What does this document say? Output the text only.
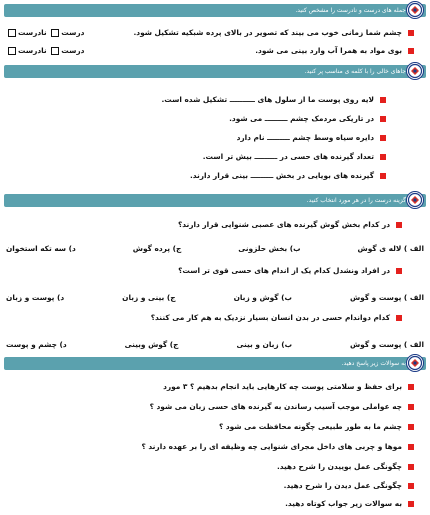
جمله های درست و نادرست را مشخص کنید.
چشم شما زمانی خوب می بیند که تصویر در بالای پرده شبکیه تشکیل شود.
درست نادرست
بوی مواد به همرا آب وارد بینی می شود.
درست نادرست
جاهای خالی را با کلمه ی مناسب پر کنید.
لایه روی پوست ما از سلول های ــــــــــ تشکیل شده است.
در تاریکی مردمک چشم ـــــــــ می شود.
دایره سیاه وسط چشم ـــــــــ نام دارد
تعداد گیرنده های حسی در ـــــــــ بیش تر است.
گیرنده های بویایی در بخش ـــــــــ بینی قرار دارند.
گزینه درست را در هر مورد انتخاب کنید.
در کدام بخش گوش گیرنده های عصبی شنوایی قرار دارند؟
الف ) لاله ی گوش
ب) بخش حلزونی
ج) پرده گوش
د) سه تکه استخوان
در افراد ونشدل کدام یک از اندام های حسی قوی تر است؟
الف ) پوست و گوش
ب) گوش و زبان
ج) بینی و زبان
د) پوست و زبان
کدام دواندام حسی در بدن انسان بسیار نزدیک به هم کار می کنند؟
الف ) پوست و گوش
ب) زبان و بینی
ج) گوش وبینی
د) چشم و پوست
به سوالات زیر پاسخ دهید.
برای حفظ و سلامتی پوست چه کارهایی باید انجام بدهیم ؟ ۳ مورد
چه عواملی موجب آسیب رساندن به گیرنده های حسی زبان می شود ؟
چشم ما به طور طبیعی چگونه محافظت می شود ؟
موها و چربی های داخل مجرای شنوایی چه وظیفه ای را بر عهده دارند ؟
چگونگی عمل بوییدن را شرح دهید.
چگونگی عمل دیدن را شرح دهید.
به سوالات زیر جواب کوتاه دهید.
